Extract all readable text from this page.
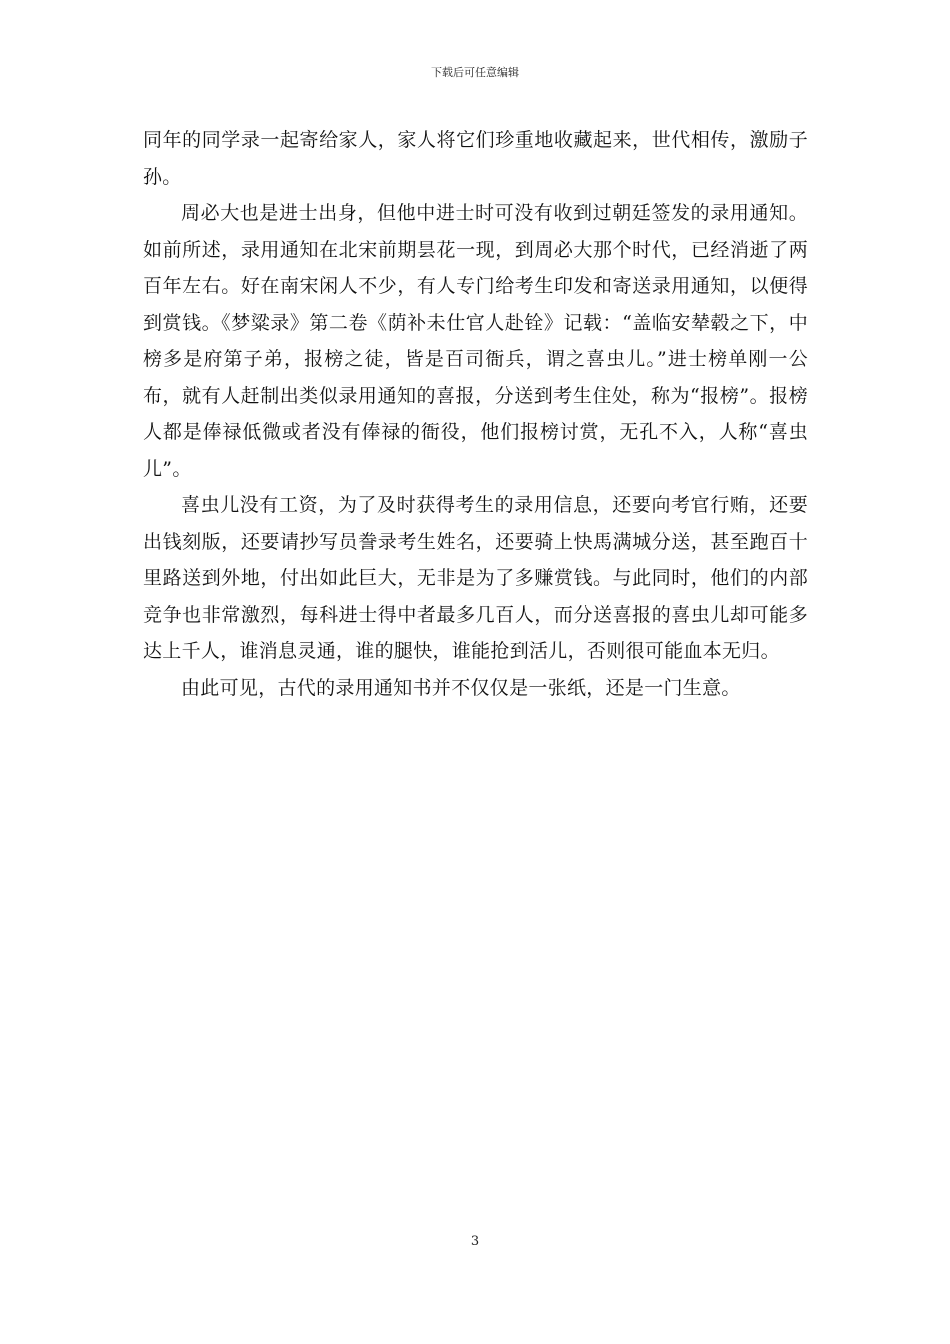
下载后可任意编辑

同年的同学录一起寄给家人，家人将它们珍重地收藏起来，世代相传，激励子孙。

周必大也是进士出身，但他中进士时可没有收到过朝廷签发的录用通知。如前所述，录用通知在北宋前期昙花一现，到周必大那个时代，已经消逝了两百年左右。好在南宋闲人不少，有人专门给考生印发和寄送录用通知，以便得到赏钱。《梦粱录》第二卷《荫补未仕官人赴铨》记载：“盖临安辇毂之下，中榜多是府第子弟，报榜之徒，皆是百司衙兵，谓之喜虫儿。”进士榜单刚一公布，就有人赶制出类似录用通知的喜报，分送到考生住处，称为“报榜”。报榜人都是俸禄低微或者没有俸禄的衙役，他们报榜讨赏，无孔不入，人称“喜虫儿”。

喜虫儿没有工资，为了及时获得考生的录用信息，还要向考官行贿，还要出钱刻版，还要请抄写员誊录考生姓名，还要骑上快馬满城分送，甚至跑百十里路送到外地，付出如此巨大，无非是为了多赚赏钱。与此同时，他们的内部竞争也非常激烈，每科进士得中者最多几百人，而分送喜报的喜虫儿却可能多达上千人，谁消息灵通，谁的腿快，谁能抢到活儿，否则很可能血本无归。

由此可见，古代的录用通知书并不仅仅是一张纸，还是一门生意。

3
